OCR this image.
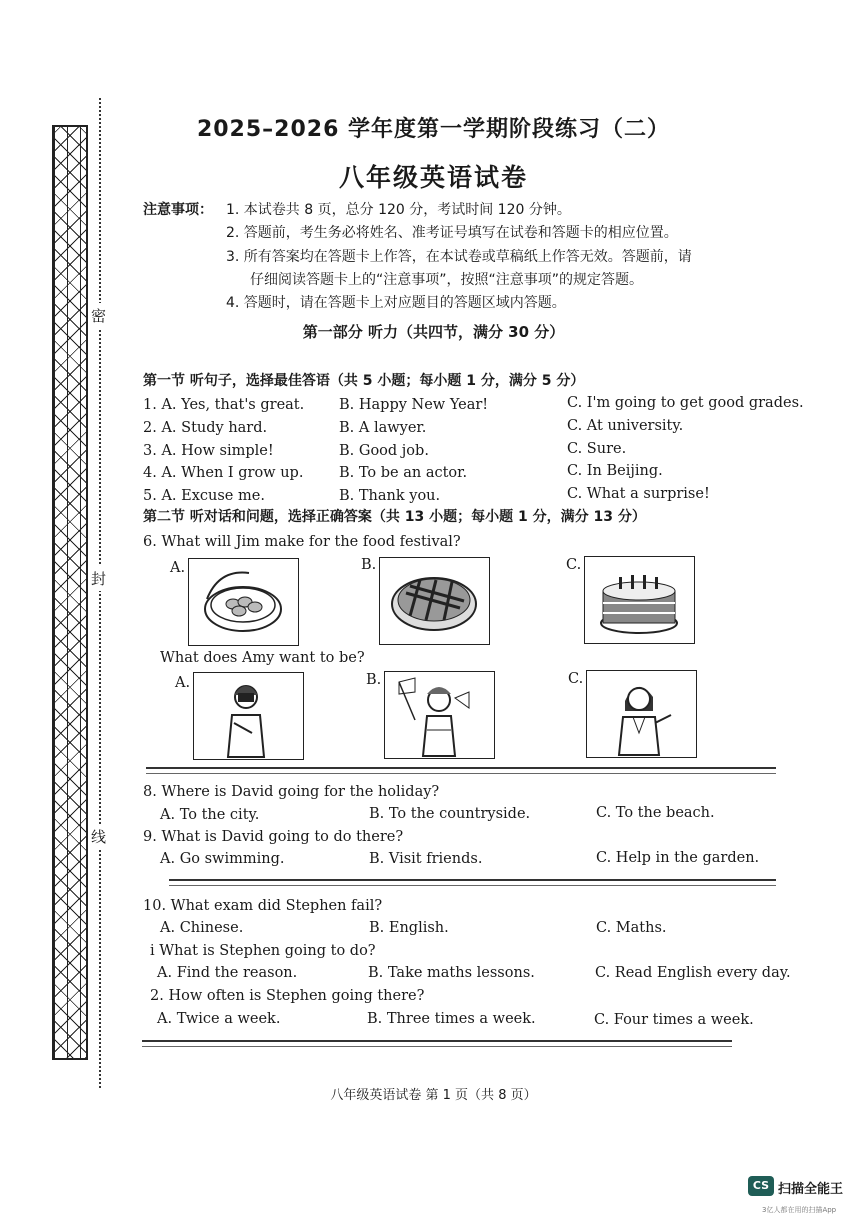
密
封
线
2025–2026 学年度第一学期阶段练习（二）
八年级英语试卷
注意事项： 1. 本试卷共 8 页，总分 120 分，考试时间 120 分钟。
2. 答题前，考生务必将姓名、准考证号填写在试卷和答题卡的相应位置。
3. 所有答案均在答题卡上作答，在本试卷或草稿纸上作答无效。答题前，请
仔细阅读答题卡上的“注意事项”，按照“注意事项”的规定答题。
4. 答题时，请在答题卡上对应题目的答题区域内答题。
第一部分 听力（共四节，满分 30 分）
第一节 听句子，选择最佳答语（共 5 小题；每小题 1 分，满分 5 分）
1. A. Yes, that's great. B. Happy New Year!	C. I'm going to get good grades.
2. A. Study hard.	B. A lawyer.	C. At university.
3. A. How simple!	B. Good job.	C. Sure.
4. A. When I grow up. B. To be an actor.	C. In Beijing.
5. A. Excuse me.	B. Thank you.	C. What a surprise!
第二节 听对话和问题，选择正确答案（共 13 小题；每小题 1 分，满分 13 分）
6. What will Jim make for the food festival?
A.	B.	C.
What does Amy want to be?
A.	B.	C.
8. Where is David going for the holiday?
A. To the city.	B. To the countryside.	C. To the beach.
9. What is David going to do there?
A. Go swimming.	B. Visit friends.	C. Help in the garden.
10. What exam did Stephen fail?
A. Chinese.	B. English.	C. Maths.
i What is Stephen going to do?
A. Find the reason.	B. Take maths lessons.	C. Read English every day.
2. How often is Stephen going there?
A. Twice a week.	B. Three times a week.	C. Four times a week.
八年级英语试卷 第 1 页（共 8 页）
CS 扫描全能王
3亿人都在用的扫描App
